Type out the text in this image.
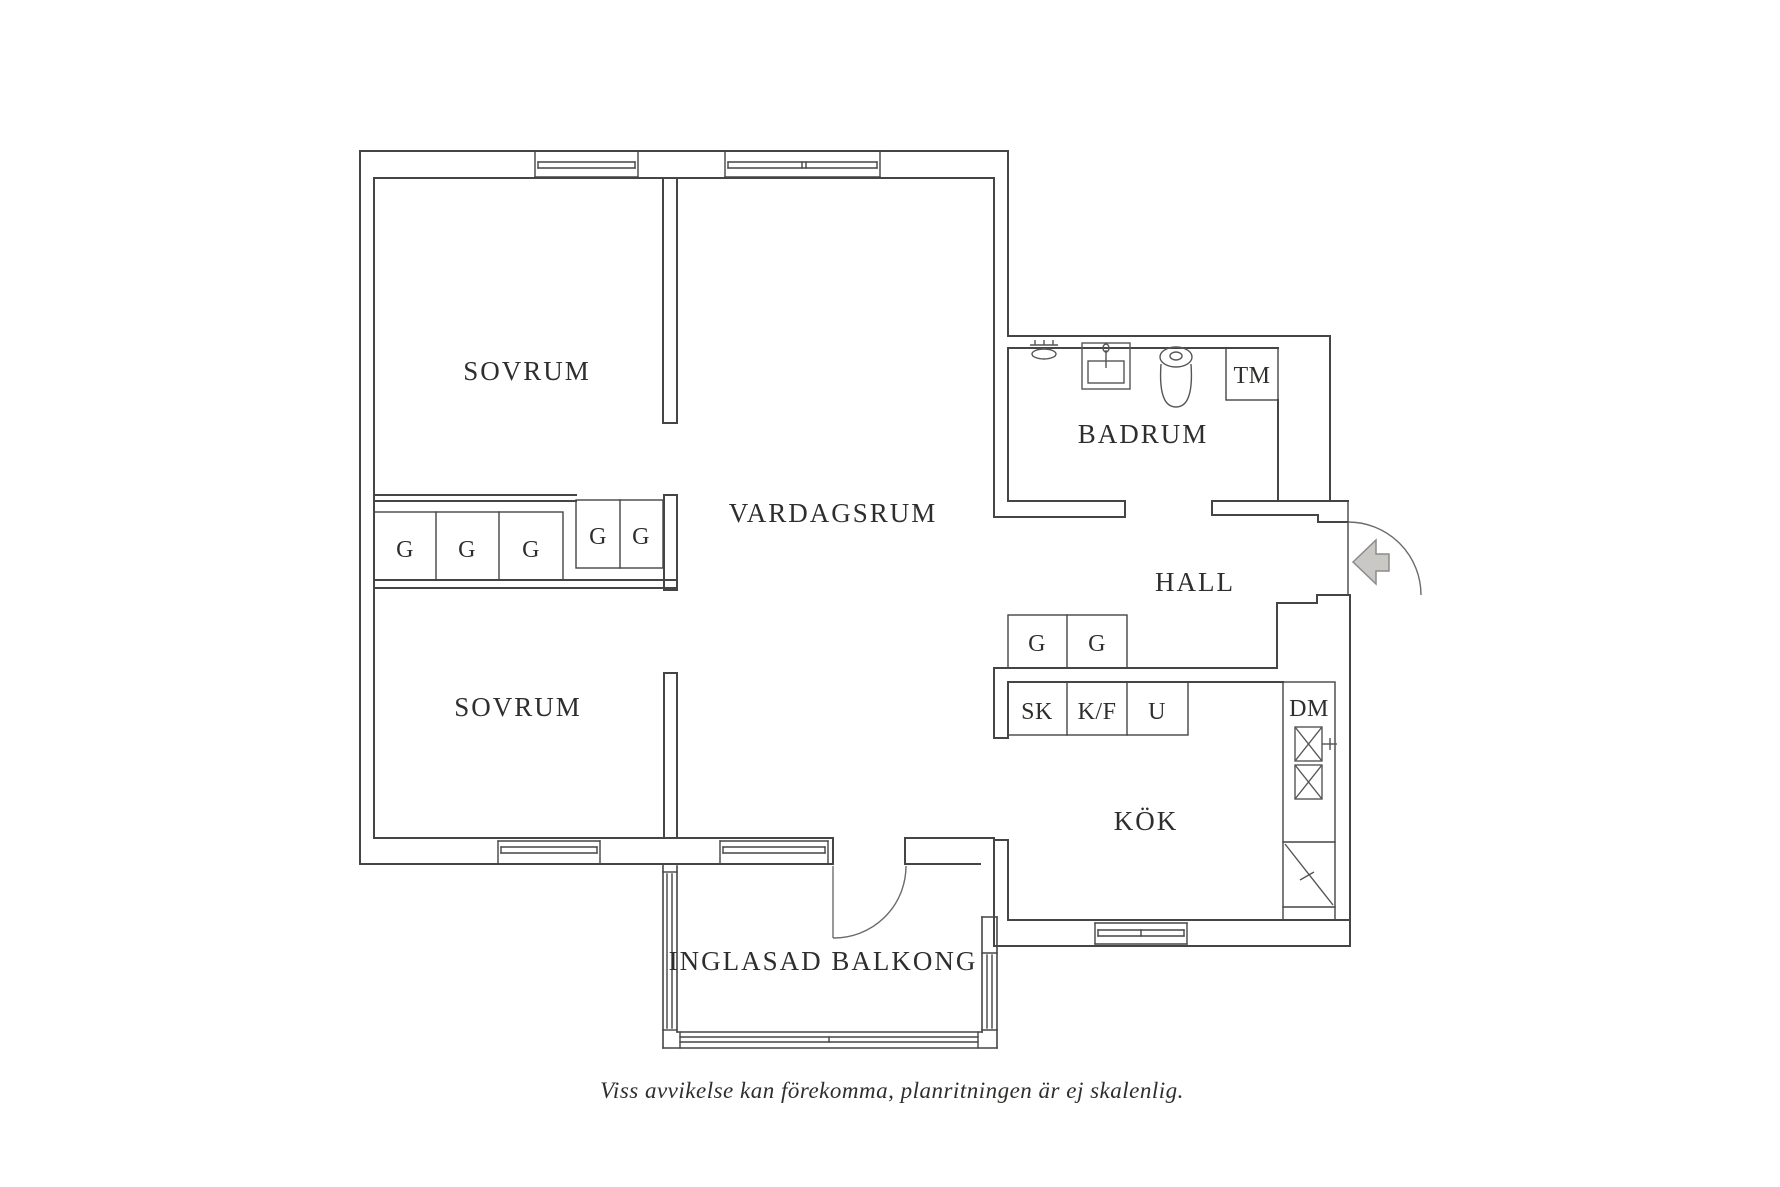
SOVRUM
VARDAGSRUM
BADRUM
HALL
SOVRUM
KÖK
INGLASAD BALKONG
G G G G G
G G
SK K/F U
TM
DM
Viss avvikelse kan förekomma, planritningen är ej skalenlig.
